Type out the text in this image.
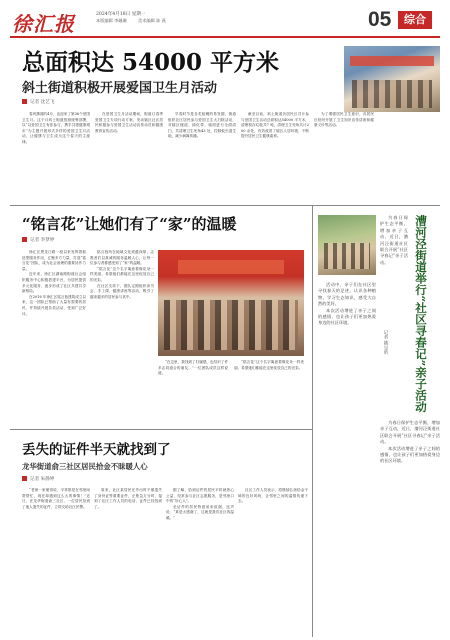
徐汇报	2024年4月18日 星期一
本版编辑 李珊珊	美术编辑 陈 燕	05	综合
总面积达 54000 平方米
斜土街道积极开展爱国卫生月活动
记者 沈艺飞

春风拂面的4月，也迎来了第36个爱国卫生月。这个月斜土街道按照统筹部署，以“以爱国卫生有你参与，携手共建健康城市”为主题开展形式多样的爱国卫生月活动，让健康与卫生成为这个春天的主旋律。

在爱国卫生月活动期间，街道订春季爱国卫生专项行动方案，发动辖区社区居民积极参与爱国卫生活动宣传动员和健康教育宣传活动。

早春时节是各类蚊蝇的易发期，街道组织社区居民参与爱国卫生大扫除活动，对辖区楼道、绿化带、墙面进行全面清扫，共清理卫生死角43 处，控制蚊虫滋生地，减少病媒传播。

截至目前，斜土街道各居民区共计参与爱国卫生活动总面积达54000 平方米，清理积存垃圾共7 吨，清理卫生死角共计200 余处，有效改善了辖区人居环境，不断提升居民卫生健康素养。

为了增强居民卫生意识，各居民区纷纷开展了卫生知识宣传讲座和健康义诊等活动。

“铭言花”让她们有了“家”的温暖
记者 李梦婷

徐汇区黑龙江路一段以来发挥着枢纽型服务作用，汇聚多方力量，打造“铭言花”团队，成为社会治理的重要协作力量。

近年来，徐汇区湖南路街道社会组织服务中心积极搭建平台，为居民提供多元化服务，逐步形成了社区共建共享新格局。

在2016 年徐汇区铭言巷建筑成立以来，这一团队已帮助了大量有需要的居民，并持续开展各类活动，受到广泛好评。

铭言巷所在地域文化底蕴深厚，志愿者们以真诚的服务温暖人心，让每一位参与者都感受到了“家”的温暖。

“铭言花”这个名字寓意着像花朵一样美丽，希望她们都能在这里绽放自己的光彩。

在社区支持下，团队定期组织读书会、手工课、健康讲座等活动，吸引了越来越多的居民参与其中。

“在这里，我找到了归属感，也结识了许多志同道合的朋友。”一位团队成员这样说道。

“铭言花”这个名字寓意着像花朵一样美丽，希望她们都能在这里绽放自己的光彩。

丢失的证件半天就找到了
龙华街道俞三社区居民拾金不昧暖人心
记者 朱静婷

“老徐一家便得说，平常都是在邻里间帮帮忙，现在却遇到这么大的事情！”近日，在龙华街道俞三社区，一位居民捡到了他人遗失的证件，立即交给社区民警。

原来，社区某居民在外出时不慎遗失了身份证等重要证件，正焦急万分时，接到了社区工作人员的电话，证件已经找到了。

据了解，拾到证件的居民平时就热心公益，经常参与社区志愿服务，是邻里口中的“好心人”。

丢证件的居民特意前来致谢，连声说：“真是太感谢了，这就是我们社区的温暖。”

社区工作人员表示，将继续弘扬拾金不昧的良好风尚，让邻里之间的温情传递下去。

为春日保护生态平衡，增加亲子互动，近日，漕河泾街道社区联合开展“社区寻春记”亲子活动。	漕河泾街道举行“社区寻春记”亲子活动
记者 姚昱昕

活动中，亲子们在社区里寻找春天的足迹，认识各种植物，学习生态知识，感受大自然的美好。

本次活动增进了亲子之间的感情，也让孩子们更加热爱身边的社区环境。

为春日保护生态平衡，增加亲子互动，近日，漕河泾街道社区联合开展“社区寻春记”亲子活动。

本次活动增进了亲子之间的感情，也让孩子们更加热爱身边的社区环境。
